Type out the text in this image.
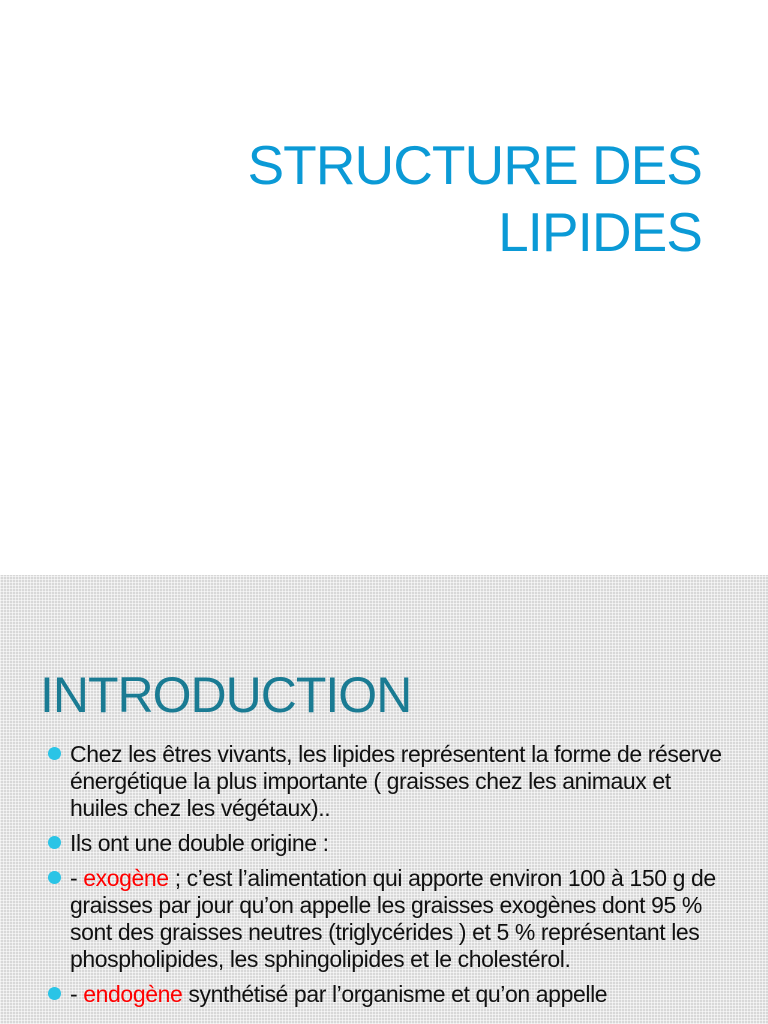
STRUCTURE DES
LIPIDES
INTRODUCTION
Chez les êtres vivants, les lipides représentent la forme de réserve énergétique la plus importante ( graisses chez les animaux et huiles chez les végétaux)..
Ils ont une double origine :
- exogène ; c’est l’alimentation qui apporte environ 100 à 150 g de graisses par jour qu’on appelle les graisses exogènes dont 95 % sont des graisses neutres (triglycérides ) et 5 % représentant les phospholipides, les sphingolipides et le cholestérol.
- endogène synthétisé par l’organisme et qu’on appelle
